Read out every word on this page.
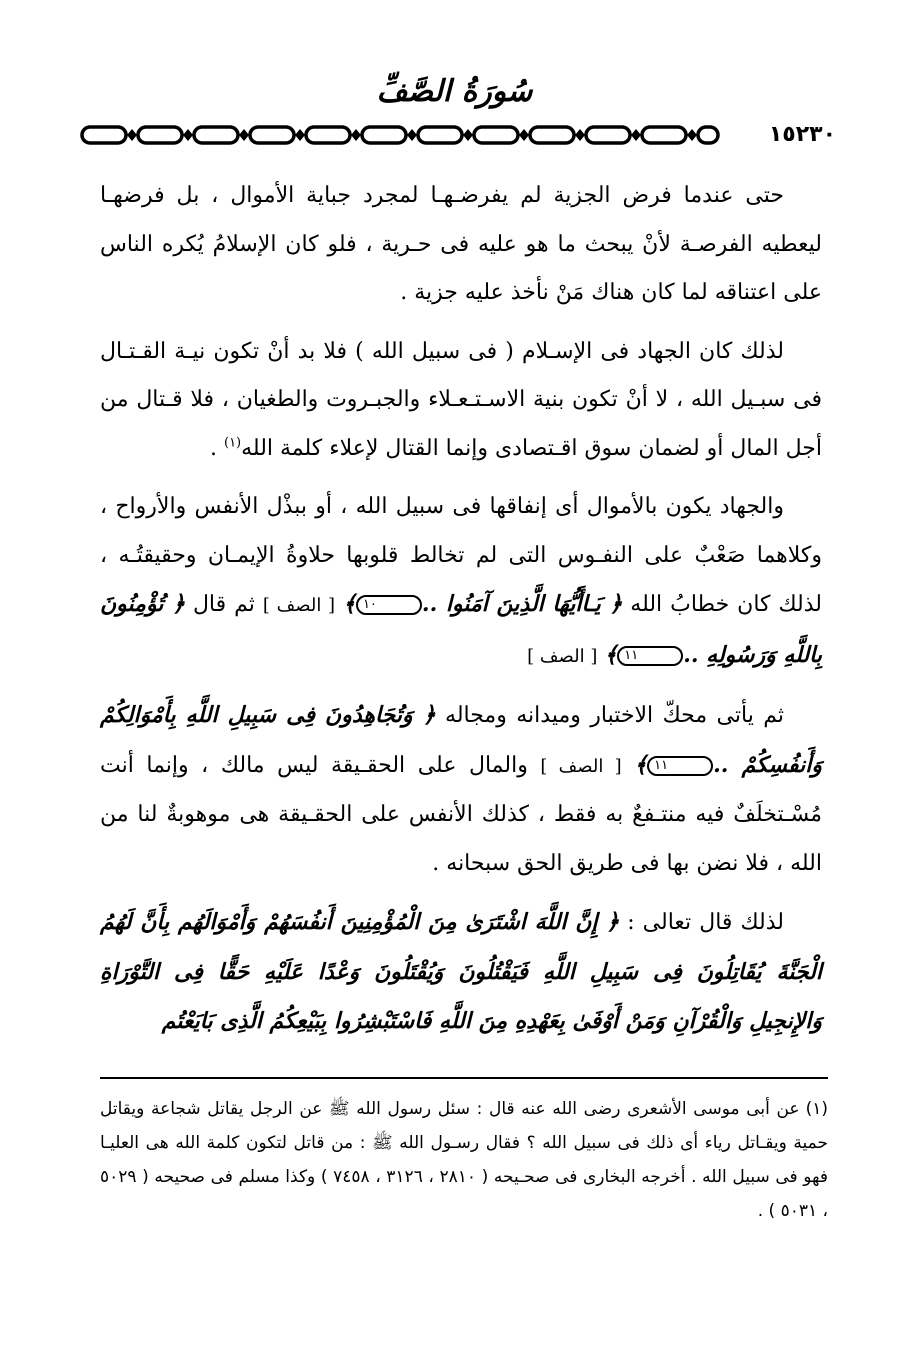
سُورَةُ الصَّفِّ
١٥٢٣٠

حتى عندما فرض الجزية لم يفرضـهـا لمجرد جباية الأموال ، بل فرضهـا ليعطيه الفرصـة لأنْ يبحث ما هو عليه فى حـرية ، فلو كان الإسلامُ يُكره الناس على اعتناقه لما كان هناك مَنْ نأخذ عليه جزية .

لذلك كان الجهاد فى الإسـلام ( فى سبيل الله ) فلا بد أنْ تكون نيـة القـتـال فى سبـيل الله ، لا أنْ تكون بنية الاسـتـعـلاء والجبـروت والطغيان ، فلا قـتال من أجل المال أو لضمان سوق اقـتصادى وإنما القتال لإعلاء كلمة الله$^{(١)}$ .

والجهاد يكون بالأموال أى إنفاقها فى سبيل الله ، أو ببذْل الأنفس والأرواح ، وكلاهما صَعْبٌ على النفـوس التى لم تخالط قلوبها حلاوةُ الإيمـان وحقيقتُـه ، لذلك كان خطابُ الله ﴿ يَـاأَيُّهَا الَّذِينَ آمَنُوا ..١٠﴾ [ الصف ] ثم قال ﴿ تُؤْمِنُونَ بِاللَّهِ وَرَسُولِهِ ..١١﴾ [ الصف ]

ثم يأتى محكّ الاختبار وميدانه ومجاله ﴿ وَتُجَاهِدُونَ فِى سَبِيلِ اللَّهِ بِأَمْوَالِكُمْ وَأَنفُسِكُمْ ..١١﴾ [ الصف ] والمال على الحقـيقة ليس مالك ، وإنما أنت مُسْـتخلَفٌ فيه منتـفعٌ به فقط ، كذلك الأنفس على الحقـيقة هى موهوبةٌ لنا من الله ، فلا نضن بها فى طريق الحق سبحانه .

لذلك قال تعالى : ﴿ إِنَّ اللَّهَ اشْتَرَىٰ مِنَ الْمُؤْمِنِينَ أَنفُسَهُمْ وَأَمْوَالَهُم بِأَنَّ لَهُمُ الْجَنَّةَ يُقَاتِلُونَ فِى سَبِيلِ اللَّهِ فَيَقْتُلُونَ وَيُقْتَلُونَ وَعْدًا عَلَيْهِ حَقًّا فِى التَّوْرَاةِ وَالإِنجِيلِ وَالْقُرْآنِ وَمَنْ أَوْفَىٰ بِعَهْدِهِ مِنَ اللَّهِ فَاسْتَبْشِرُوا بِبَيْعِكُمُ الَّذِى بَايَعْتُم

(١)عن أبى موسى الأشعرى رضى الله عنه قال : سئل رسول الله ﷺ عن الرجل يقاتل شجاعة ويقاتل حمية ويقـاتل رياء أى ذلك فى سبيل الله ؟ فقال رسـول الله ﷺ : من قاتل لتكون كلمة الله هى العليـا فهو فى سبيل الله . أخرجه البخارى فى صحـيحه ( ٢٨١٠ ، ٣١٢٦ ، ٧٤٥٨ ) وكذا مسلم فى صحيحه ( ٥٠٢٩ ، ٥٠٣١ ) .
